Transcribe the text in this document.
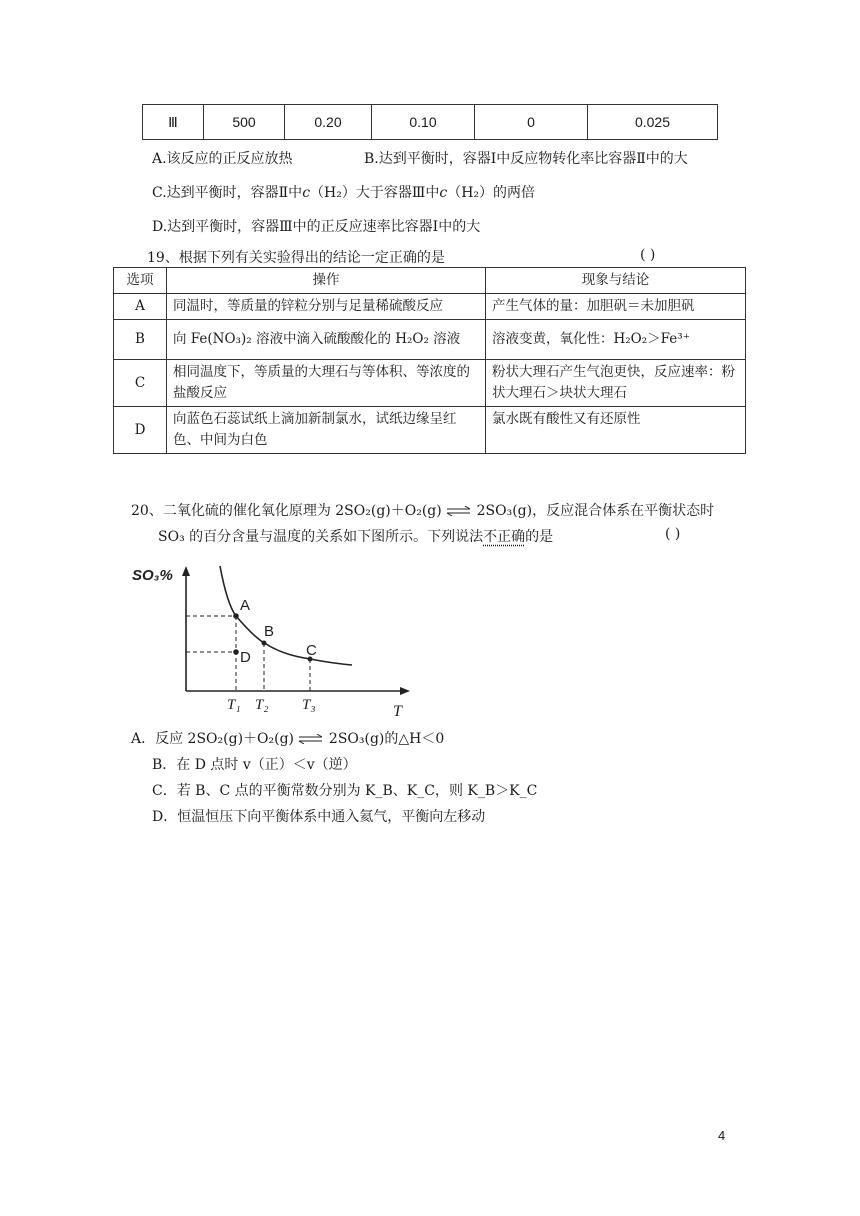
Ⅲ	500	0.20	0.10	0	0.025
A.该反应的正反应放热	B.达到平衡时，容器Ⅰ中反应物转化率比容器Ⅱ中的大
C.达到平衡时，容器Ⅱ中c（H₂）大于容器Ⅲ中c（H₂）的两倍
D.达到平衡时，容器Ⅲ中的正反应速率比容器Ⅰ中的大
19、根据下列有关实验得出的结论一定正确的是	( )
选项	操作	现象与结论
A	同温时，等质量的锌粒分别与足量稀硫酸反应	产生气体的量：加胆矾＝未加胆矾
B	向 Fe(NO₃)₂ 溶液中滴入硫酸酸化的 H₂O₂ 溶液	溶液变黄，氧化性：H₂O₂＞Fe³⁺
C	相同温度下，等质量的大理石与等体积、等浓度的盐酸反应	粉状大理石产生气泡更快，反应速率：粉状大理石＞块状大理石
D	向蓝色石蕊试纸上滴加新制氯水，试纸边缘呈红色、中间为白色	氯水既有酸性又有还原性
20、二氧化硫的催化氧化原理为 2SO₂(g)＋O₂(g) ⇌ 2SO₃(g)，反应混合体系在平衡状态时
SO₃ 的百分含量与温度的关系如下图所示。下列说法不正确的是	( )
SO₃%
A
B
C
D
T₁ T₂ T₃	T
A．反应 2SO₂(g)＋O₂(g) ⇌ 2SO₃(g)的△H＜0
B．在 D 点时 v（正）＜v（逆）
C．若 B、C 点的平衡常数分别为 K_B、K_C，则 K_B＞K_C
D．恒温恒压下向平衡体系中通入氦气，平衡向左移动
4
